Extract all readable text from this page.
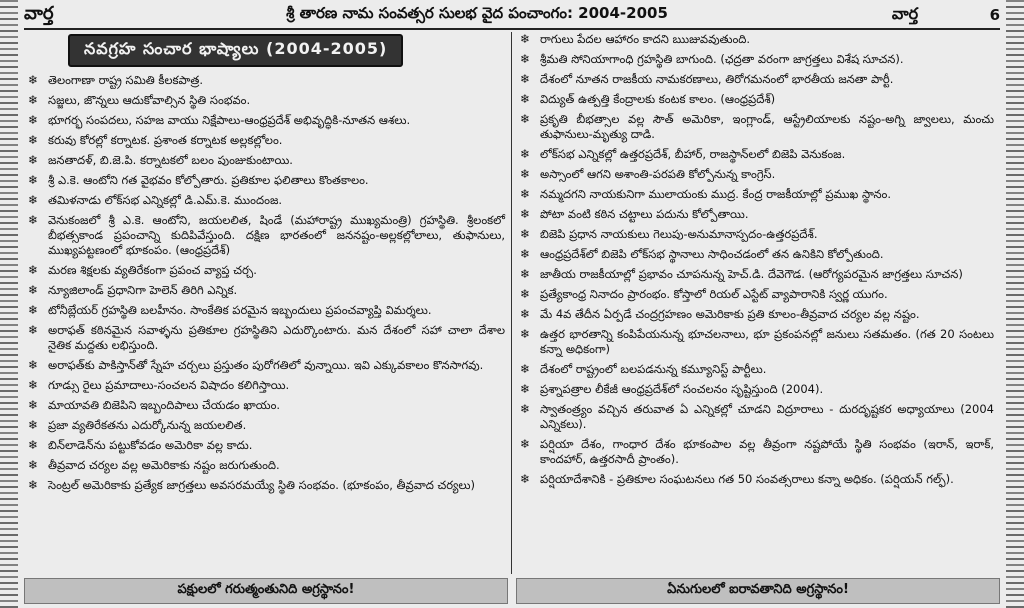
వార్త	శ్రీ తారణ నామ సంవత్సర సులభ వైద పంచాంగం: 2004-2005	వార్త	6
నవగ్రహ సంచార భాష్యాలు (2004-2005)
❄ తెలంగాణా రాష్ట్ర సమితి కీలకపాత్ర.
❄ సజ్జలు, జొన్నలు ఆదుకోవాల్సిన స్థితి సంభవం.
❄ భూగర్భ సంపదలు, సహజ వాయు నిక్షేపాలు-ఆంధ్రప్రదేశ్ అభివృద్ధికి-నూతన ఆశలు.
❄ కరువు కోరల్లో కర్నాటక. ప్రశాంత కర్నాటక అల్లకల్లోలం.
❄ జనతాదళ్, బి.జె.పి. కర్నాటకలో బలం పుంజుకుంటాయి.
❄ శ్రీ ఎ.కె. ఆంటోని గత వైభవం కోల్పోతారు. ప్రతికూల ఫలితాలు కొంతకాలం.
❄ తమిళనాడు లోక్‌సభ ఎన్నికల్లో డి.ఎమ్.కె. ముందంజ.
❄ వెనుకంజలో శ్రీ ఎ.కె. ఆంటోని, జయలలిత, షిండే (మహారాష్ట్ర ముఖ్యమంత్రి) గ్రహస్థితి. శ్రీలంకలో బీభత్సకాండ ప్రపంచాన్ని కుదిపివేస్తుంది. దక్షిణ భారతంలో జననష్టం-అల్లకల్లోలాలు, తుఫానులు, ముఖ్యపట్టణంలో భూకంపం. (ఆంధ్రప్రదేశ్)
❄ మరణ శిక్షలకు వ్యతిరేకంగా ప్రపంచ వ్యాప్త చర్చ.
❄ న్యూజిలాండ్ ప్రధానిగా హెలెన్ తిరిగి ఎన్నిక.
❄ టోనీబ్లేయర్ గ్రహస్థితి బలహీనం. సాంకేతిక పరమైన ఇబ్బందులు ప్రపంచవ్యాప్తి విమర్శలు.
❄ అరాఫత్ కఠినమైన సవాళ్ళను ప్రతికూల గ్రహస్థితిని ఎదుర్కొంటారు. మన దేశంలో సహా చాలా దేశాల నైతిక మద్దతు లభిస్తుంది.
❄ అరాఫత్‌కు పాకిస్తాన్‌తో స్నేహ చర్చలు ప్రస్తుతం పురోగతిలో వున్నాయి. ఇవి ఎక్కువకాలం కొనసాగవు.
❄ గూడ్సు రైలు ప్రమాదాలు-సంచలన విషాదం కలిగిస్తాయి.
❄ మాయావతి బిజెపిని ఇబ్బందిపాలు చేయడం ఖాయం.
❄ ప్రజా వ్యతిరేకతను ఎదుర్కోనున్న జయలలిత.
❄ బిన్‌లాడెన్‌ను పట్టుకోవడం అమెరికా వల్ల కాదు.
❄ తీవ్రవాద చర్యల వల్ల అమెరికాకు నష్టం జరుగుతుంది.
❄ సెంట్రల్ అమెరికాకు ప్రత్యేక జాగ్రత్తలు అవసరమయ్యే స్థితి సంభవం. (భూకంపం, తీవ్రవాద చర్యలు)
❄ రాగులు పేదల ఆహారం కాదని ఋజువవుతుంది.
❄ శ్రీమతి సోనియాగాంధి గ్రహస్థితి బాగుంది. (ఛద్రతా వరంగా జాగ్రత్తలు విశేష సూచన).
❄ దేశంలో నూతన రాజకీయ నామకరణాలు, తిరోగమనంలో భారతీయ జనతా పార్టీ.
❄ విద్యుత్ ఉత్పత్తి కేంద్రాలకు కంటక కాలం. (ఆంధ్రప్రదేశ్)
❄ ప్రకృతి బీభత్సాల వల్ల సౌత్ అమెరికా, ఇంగ్లాండ్, ఆస్ట్రేలియాలకు నష్టం-అగ్ని జ్వాలలు, మంచు తుఫానులు-మృత్యు దాడి.
❄ లోక్‌సభ ఎన్నికల్లో ఉత్తరప్రదేశ్, బీహార్, రాజస్థాన్‌లలో బిజెపి వెనుకంజ.
❄ అస్సాంలో ఆగని అశాంతి-పరపతి కోల్పోనున్న కాంగ్రెస్.
❄ నమ్మదగని నాయకునిగా ములాయంకు ముద్ర. కేంద్ర రాజకీయాల్లో ప్రముఖ స్థానం.
❄ పోటా వంటి కఠిన చట్టాలు పదును కోల్పోతాయి.
❄ బిజెపి ప్రధాన నాయకులు గెలుపు-అనుమానాస్పదం-ఉత్తరప్రదేశ్.
❄ ఆంధ్రప్రదేశ్‌లో బిజెపి లోక్‌సభ స్థానాలు సాధించడంలో తన ఉనికిని కోల్పోతుంది.
❄ జాతీయ రాజకీయాల్లో ప్రభావం చూపనున్న హెచ్.డి. దేవెగౌడ. (ఆరోగ్యపరమైన జాగ్రత్తలు సూచన)
❄ ప్రత్యేకాంధ్ర నినాదం ప్రారంభం. కోస్తాలో రియల్ ఎస్టేట్ వ్యాపారానికి స్వర్ణ యుగం.
❄ మే 4వ తేదీన ఏర్పడే చంద్రగ్రహణం అమెరికాకు ప్రతి కూలం-తీవ్రవాద చర్యల వల్ల నష్టం.
❄ ఉత్తర భారతాన్ని కంపిపేయనున్న భూచలనాలు, భూ ప్రకంపనల్లో జనులు సతమతం. (గత 20 సంటలు కన్నా అధికంగా)
❄ దేశంలో రాష్ట్రంలో బలపడనున్న కమ్యూనిస్ట్ పార్టీలు.
❄ ప్రశ్నాపత్రాల లీకేజీ ఆంధ్రప్రదేశ్‌లో సంచలనం సృష్టిస్తుంది (2004).
❄ స్వాతంత్ర్యం వచ్చిన తరువాత ఏ ఎన్నికల్లో చూడని విద్రూరాలు - దురదృష్టకర అధ్యాయాలు (2004 ఎన్నికలు).
❄ పర్షియా దేశం, గాంధార దేశం భూకంపాల వల్ల తీవ్రంగా నష్టపోయే స్థితి సంభవం (ఇరాన్, ఇరాక్, కాందహార్, ఉత్తరసాదీ ప్రాంతం).
❄ పర్షియాదేశానికి - ప్రతికూల సంఘటనలు గత 50 సంవత్సరాలు కన్నా అధికం. (పర్షియన్ గల్ఫ్).
పక్షులలో గరుత్మంతునిది అగ్రస్థానం!	ఏనుగులలో ఐరావతానిది అగ్రస్థానం!
